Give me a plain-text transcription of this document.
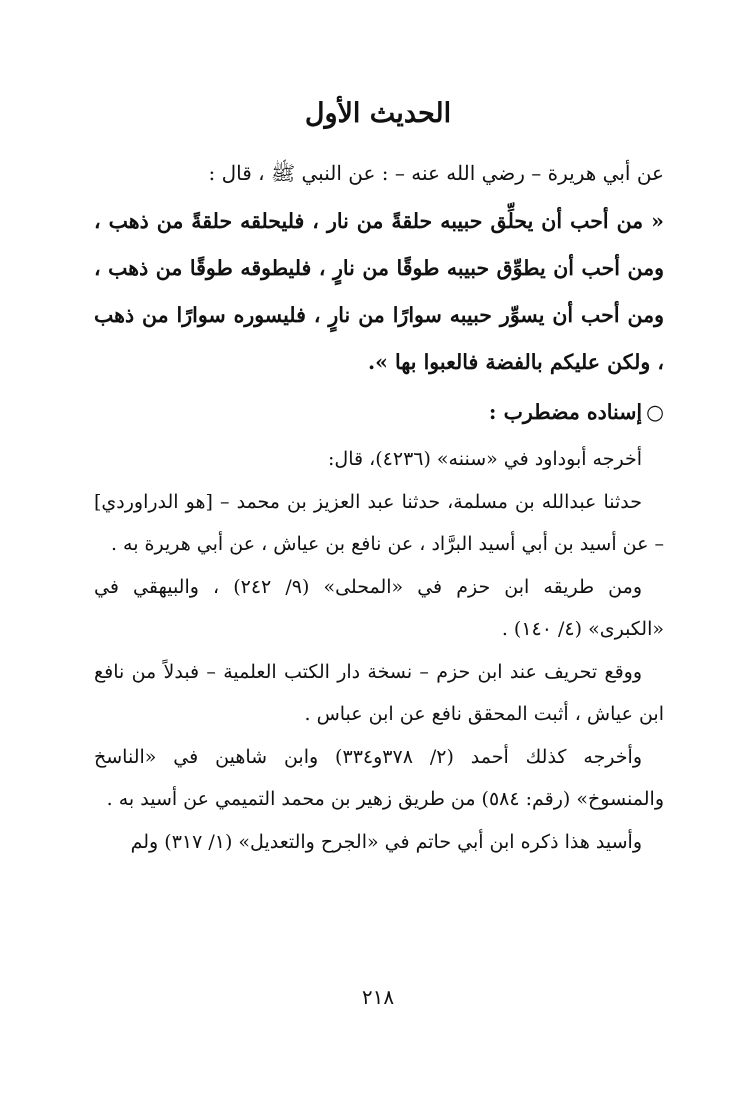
الحديث الأول
عن أبي هريرة – رضي الله عنه – : عن النبي ﷺ ، قال :
« من أحب أن يحلِّق حبيبه حلقةً من نار ، فليحلقه حلقةً من ذهب ، ومن أحب أن يطوِّق حبيبه طوقًا من نارٍ ، فليطوقه طوقًا من ذهب ، ومن أحب أن يسوِّر حبيبه سوارًا من نارٍ ، فليسوره سوارًا من ذهب ، ولكن عليكم بالفضة فالعبوا بها ».
○إسناده مضطرب :

أخرجه أبوداود في «سننه» (٤٢٣٦)، قال:

حدثنا عبدالله بن مسلمة، حدثنا عبد العزيز بن محمد – [هو الدراوردي] – عن أسيد بن أبي أسيد البرَّاد ، عن نافع بن عياش ، عن أبي هريرة به .

ومن طريقه ابن حزم في «المحلى» (٩/ ٢٤٢) ، والبيهقي في «الكبرى» (٤/ ١٤٠) .

ووقع تحريف عند ابن حزم – نسخة دار الكتب العلمية – فبدلاً من نافع ابن عياش ، أثبت المحقق نافع عن ابن عباس .

وأخرجه كذلك أحمد (٢/ ٣٧٨و٣٣٤) وابن شاهين في «الناسخ والمنسوخ» (رقم: ٥٨٤) من طريق زهير بن محمد التميمي عن أسيد به .

وأسيد هذا ذكره ابن أبي حاتم في «الجرح والتعديل» (١/ ٣١٧) ولم

٢١٨
